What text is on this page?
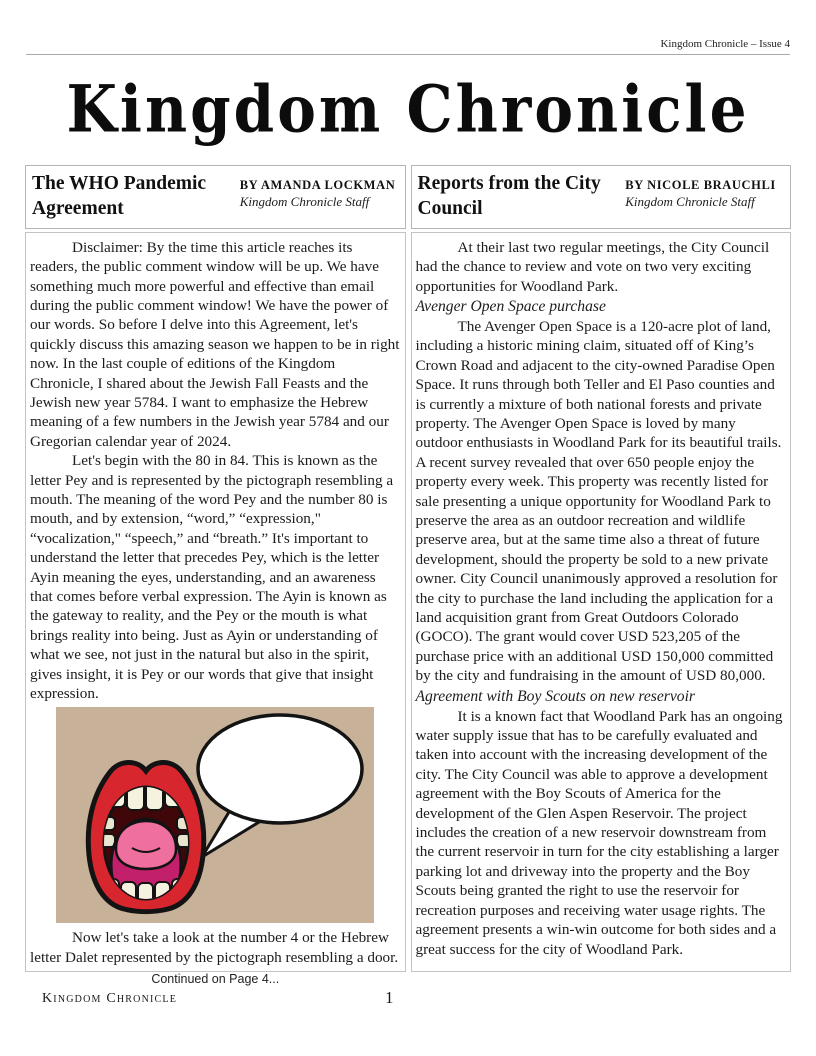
Kingdom Chronicle – Issue 4
Kingdom Chronicle
The WHO Pandemic Agreement
BY AMANDA LOCKMAN
Kingdom Chronicle Staff

Disclaimer: By the time this article reaches its readers, the public comment window will be up. We have something much more powerful and effective than email during the public comment window! We have the power of our words. So before I delve into this Agreement, let's quickly discuss this amazing season we happen to be in right now. In the last couple of editions of the Kingdom Chronicle, I shared about the Jewish Fall Feasts and the Jewish new year 5784. I want to emphasize the Hebrew meaning of a few numbers in the Jewish year 5784 and our Gregorian calendar year of 2024.

Let's begin with the 80 in 84. This is known as the letter Pey and is represented by the pictograph resembling a mouth. The meaning of the word Pey and the number 80 is mouth, and by extension, “word,” “expression," “vocalization," “speech,” and “breath.” It's important to understand the letter that precedes Pey, which is the letter Ayin meaning the eyes, understanding, and an awareness that comes before verbal expression. The Ayin is known as the gateway to reality, and the Pey or the mouth is what brings reality into being. Just as Ayin or understanding of what we see, not just in the natural but also in the spirit, gives insight, it is Pey or our words that give that insight expression.

Now let's take a look at the number 4 or the Hebrew letter Dalet represented by the pictograph resembling a door.

Continued on Page 4...
Reports from the City Council
BY NICOLE BRAUCHLI
Kingdom Chronicle Staff

At their last two regular meetings, the City Council had the chance to review and vote on two very exciting opportunities for Woodland Park.

Avenger Open Space purchase

The Avenger Open Space is a 120-acre plot of land, including a historic mining claim, situated off of King’s Crown Road and adjacent to the city-owned Paradise Open Space. It runs through both Teller and El Paso counties and is currently a mixture of both national forests and private property. The Avenger Open Space is loved by many outdoor enthusiasts in Woodland Park for its beautiful trails. A recent survey revealed that over 650 people enjoy the property every week. This property was recently listed for sale presenting a unique opportunity for Woodland Park to preserve the area as an outdoor recreation and wildlife preserve area, but at the same time also a threat of future development, should the property be sold to a new private owner. City Council unanimously approved a resolution for the city to purchase the land including the application for a land acquisition grant from Great Outdoors Colorado (GOCO). The grant would cover USD 523,205 of the purchase price with an additional USD 150,000 committed by the city and fundraising in the amount of USD 80,000.

Agreement with Boy Scouts on new reservoir

It is a known fact that Woodland Park has an ongoing water supply issue that has to be carefully evaluated and taken into account with the increasing development of the city. The City Council was able to approve a development agreement with the Boy Scouts of America for the development of the Glen Aspen Reservoir. The project includes the creation of a new reservoir downstream from the current reservoir in turn for the city establishing a larger parking lot and driveway into the property and the Boy Scouts being granted the right to use the reservoir for recreation purposes and receiving water usage rights. The agreement presents a win-win outcome for both sides and a great success for the city of Woodland Park.

Kingdom Chronicle	1
